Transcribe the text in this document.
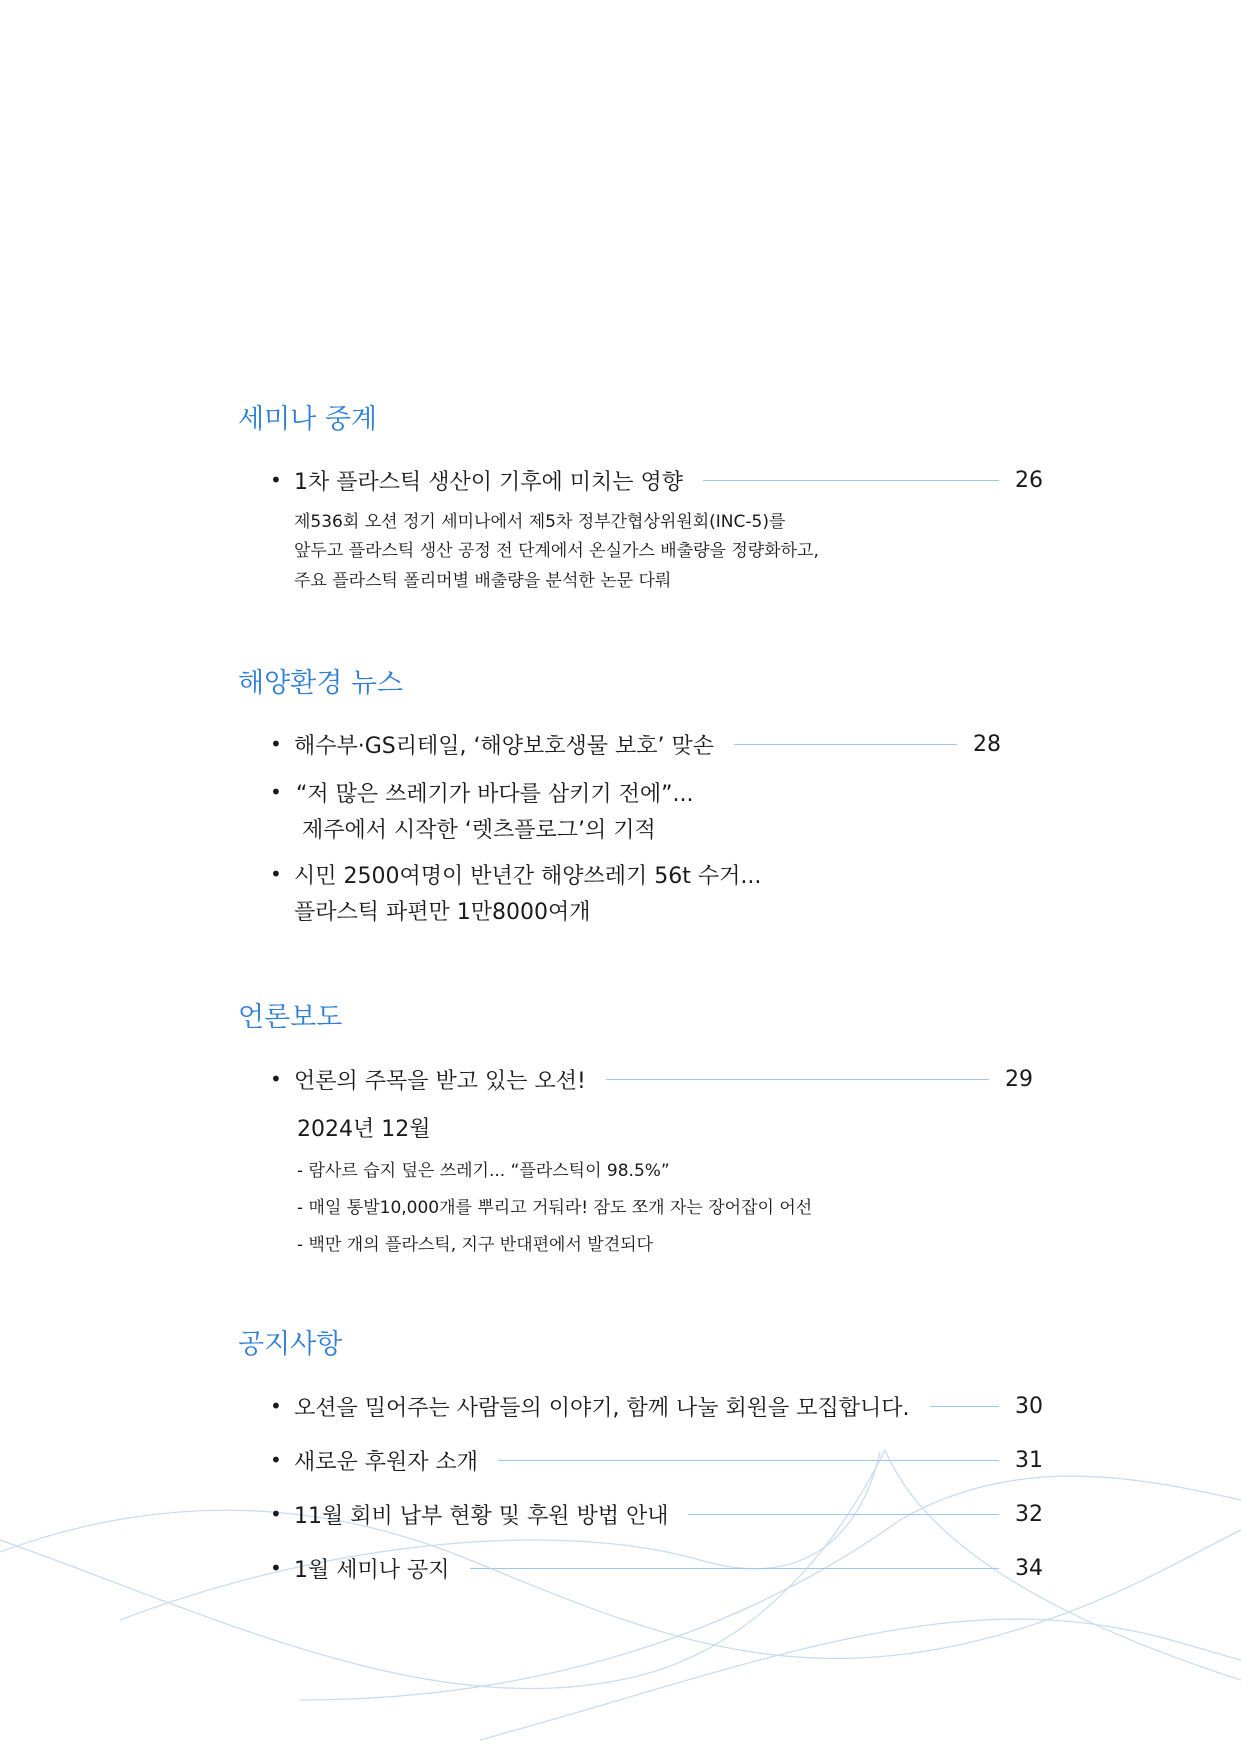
세미나 중계
• 1차 플라스틱 생산이 기후에 미치는 영향	26
제536회 오션 정기 세미나에서 제5차 정부간협상위원회(INC-5)를
앞두고 플라스틱 생산 공정 전 단계에서 온실가스 배출량을 정량화하고,
주요 플라스틱 폴리머별 배출량을 분석한 논문 다뤄
해양환경 뉴스
• 해수부·GS리테일, ‘해양보호생물 보호’ 맞손	28
• “저 많은 쓰레기가 바다를 삼키기 전에”...
제주에서 시작한 ‘렛츠플로그’의 기적
• 시민 2500여명이 반년간 해양쓰레기 56t 수거...
플라스틱 파편만 1만8000여개
언론보도
• 언론의 주목을 받고 있는 오션!	29
2024년 12월
- 람사르 습지 덮은 쓰레기... “플라스틱이 98.5%”
- 매일 통발10,000개를 뿌리고 거둬라! 잠도 쪼개 자는 장어잡이 어선
- 백만 개의 플라스틱, 지구 반대편에서 발견되다
공지사항
• 오션을 밀어주는 사람들의 이야기, 함께 나눌 회원을 모집합니다.	30
• 새로운 후원자 소개	31
• 11월 회비 납부 현황 및 후원 방법 안내	32
• 1월 세미나 공지	34
